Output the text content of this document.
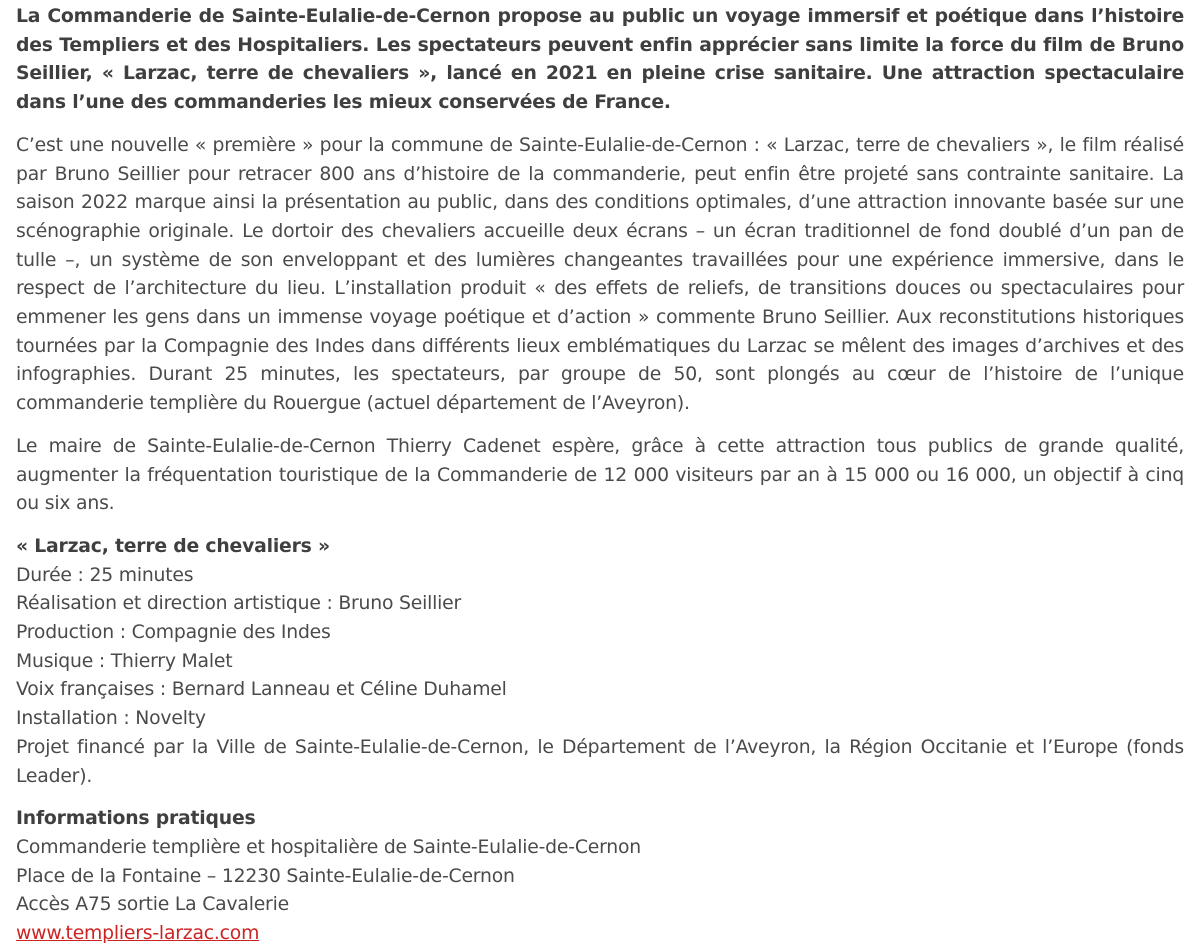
La Commanderie de Sainte-Eulalie-de-Cernon propose au public un voyage immersif et poétique dans l’histoire des Templiers et des Hospitaliers. Les spectateurs peuvent enfin apprécier sans limite la force du film de Bruno Seillier, « Larzac, terre de chevaliers », lancé en 2021 en pleine crise sanitaire. Une attraction spectaculaire dans l’une des commanderies les mieux conservées de France.

C’est une nouvelle « première » pour la commune de Sainte-Eulalie-de-Cernon : « Larzac, terre de chevaliers », le film réalisé par Bruno Seillier pour retracer 800 ans d’histoire de la commanderie, peut enfin être projeté sans contrainte sanitaire. La saison 2022 marque ainsi la présentation au public, dans des conditions optimales, d’une attraction innovante basée sur une scénographie originale. Le dortoir des chevaliers accueille deux écrans – un écran traditionnel de fond doublé d’un pan de tulle –, un système de son enveloppant et des lumières changeantes travaillées pour une expérience immersive, dans le respect de l’architecture du lieu. L’installation produit « des effets de reliefs, de transitions douces ou spectaculaires pour emmener les gens dans un immense voyage poétique et d’action » commente Bruno Seillier. Aux reconstitutions historiques tournées par la Compagnie des Indes dans différents lieux emblématiques du Larzac se mêlent des images d’archives et des infographies. Durant 25 minutes, les spectateurs, par groupe de 50, sont plongés au cœur de l’histoire de l’unique commanderie templière du Rouergue (actuel département de l’Aveyron).

Le maire de Sainte-Eulalie-de-Cernon Thierry Cadenet espère, grâce à cette attraction tous publics de grande qualité, augmenter la fréquentation touristique de la Commanderie de 12 000 visiteurs par an à 15 000 ou 16 000, un objectif à cinq ou six ans.

« Larzac, terre de chevaliers »
Durée : 25 minutes
Réalisation et direction artistique : Bruno Seillier
Production : Compagnie des Indes
Musique : Thierry Malet
Voix françaises : Bernard Lanneau et Céline Duhamel
Installation : Novelty
Projet financé par la Ville de Sainte-Eulalie-de-Cernon, le Département de l’Aveyron, la Région Occitanie et l’Europe (fonds Leader).
Informations pratiques
Commanderie templière et hospitalière de Sainte-Eulalie-de-Cernon
Place de la Fontaine – 12230 Sainte-Eulalie-de-Cernon
Accès A75 sortie La Cavalerie
www.templiers-larzac.com
